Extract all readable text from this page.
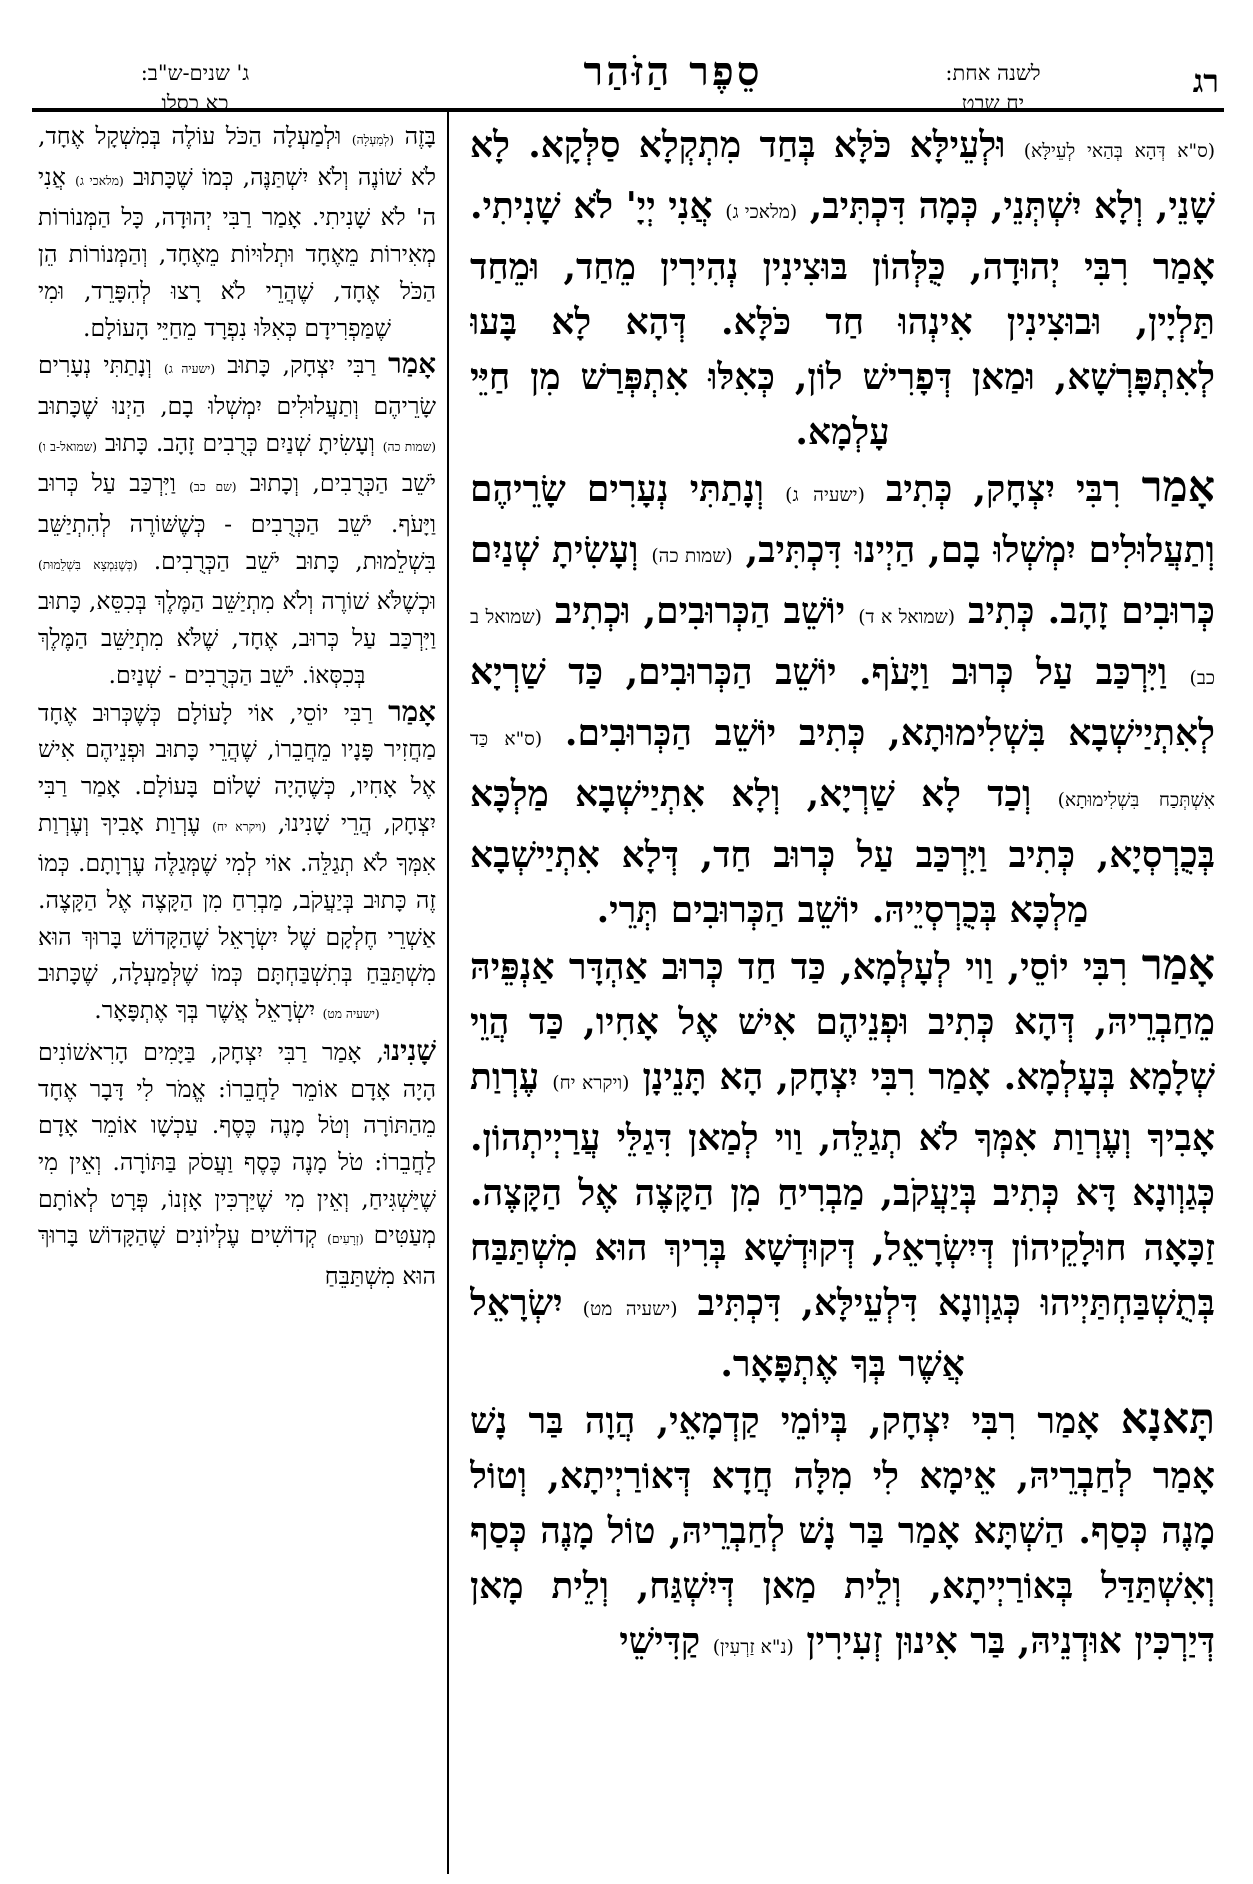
רג
לשנה אחת:
יח שבט
סֵפֶר הַזֹּהַר
ג' שנים-ש"ב:
כא כסלו

(ס"א דְּהָא בְּהַאי לְעֵילָּא) וּלְעֵילָּא כֹּלָּא בְּחַד מִתְקְלָא סַלְּקָא. לָא שָׁנֵי, וְלָא יִשְׁתְּנֵי, כְּמָה דִּכְתִּיב, (מלאכי ג) אֲנִי יְיָ' לֹא שָׁנִיתִי. אָמַר רִבִּי יְהוּדָה, כֻּלְּהוֹן בּוּצִינִין נְהִירִין מֵחַד, וּמֵחַד תַּלְיָין, וּבוּצִינִין אִינְהוּ חַד כֹּלָּא. דְּהָא לָא בָּעוּ לְאִתְפָּרְשָׁא, וּמַאן דְּפָרִישׁ לוֹן, כְּאִלּוּ אִתְפְּרַשׁ מִן חַיֵּי עָלְמָא.

אָמַר רִבִּי יִצְחָק, כְּתִיב (ישעיה ג) וְנָתַתִּי נְעָרִים שָׂרֵיהֶם וְתַעֲלוּלִים יִמְשְׁלוּ בָם, הַיְינוּ דִּכְתִּיב, (שמות כה) וְעָשִׂיתָ שְׁנַיִם כְּרוּבִים זָהָב. כְּתִיב (שמואל א ד) יוֹשֵׁב הַכְּרוּבִים, וּכְתִיב (שמואל ב כב) וַיִּרְכַּב עַל כְּרוּב וַיָּעֹף. יוֹשֵׁב הַכְּרוּבִים, כַּד שַׁרְיָא לְאִתְיַישְׁבָא בִּשְׁלִימוּתָא, כְּתִיב יוֹשֵׁב הַכְּרוּבִים. (ס"א כַּד אִשְׁתְּכַח בִּשְׁלִימוּתָא) וְכַד לָא שַׁרְיָא, וְלָא אִתְיַישְׁבָא מַלְכָּא בְּכֻרְסְיָא, כְּתִיב וַיִּרְכַּב עַל כְּרוּב חַד, דְּלָא אִתְיַישְׁבָא מַלְכָּא בְּכֻרְסְיֵיהּ. יוֹשֵׁב הַכְּרוּבִים תְּרֵי.

אָמַר רִבִּי יוֹסֵי, וַוי לְעָלְמָא, כַּד חַד כְּרוּב אַהְדָּר אַנְפֵּיהּ מֵחַבְרֵיהּ, דְּהָא כְּתִיב וּפְנֵיהֶם אִישׁ אֶל אָחִיו, כַּד הֲוֵי שְׁלָמָא בְּעָלְמָא. אָמַר רִבִּי יִצְחָק, הָא תָּנֵינָן (ויקרא יח) עֶרְוַת אָבִיךָ וְעֶרְוַת אִמְּךָ לֹא תְגַלֵּה, וַוי לְמַאן דִּגַלֵּי עֲרַיְיתְהוֹן. כְּגַוְונָא דָּא כְּתִיב בְּיַעֲקֹב, מַבְרִיחַ מִן הַקָּצֶה אֶל הַקָּצֶה. זַכָּאָה חוּלָקֵיהוֹן דְּיִשְׂרָאֵל, דְּקוּדְשָׁא בְּרִיךְ הוּא מִשְׁתַּבַּח בְּתֻשְׁבַּחְתַּיְיהוּ כְּגַוְונָא דִּלְעֵילָּא, דִּכְתִּיב (ישעיה מט) יִשְׂרָאֵל אֲשֶׁר בְּךָ אֶתְפָּאָר.

תָּאנָא אָמַר רִבִּי יִצְחָק, בְּיוֹמֵי קַדְמָאֵי, הֲוָה בַּר נָשׁ אָמַר לְחַבְרֵיהּ, אֵימָא לִי מִלָּה חֲדָא דְּאוֹרַיְיתָא, וְטוֹל מָנֶה כְּסַף. הַשְׁתָּא אָמַר בַּר נָשׁ לְחַבְרֵיהּ, טוֹל מָנֶה כְּסַף וְאִשְׁתַּדַּל בְּאוֹרַיְיתָא, וְלֵית מַאן דְּיִשְׁגַּח, וְלֵית מָאן דְּיַרְכִּין אוּדְנֵיהּ, בַּר אִינוּן זְעִירִין (נ"א זַרְעִין) קַדִּישֵׁי

בָּזֶה (לְמַעְלָה) וּלְמַעְלָה הַכֹּל עוֹלֶה בְּמִשְׁקָל אֶחָד, לֹא שׁוֹנֶה וְלֹא יִשְׁתַּנֶּה, כְּמוֹ שֶׁכָּתוּב (מלאכי ג) אֲנִי ה' לֹא שָׁנִיתִי. אָמַר רַבִּי יְהוּדָה, כָּל הַמְּנוֹרוֹת מְאִירוֹת מֵאֶחָד וּתְלוּיוֹת מֵאֶחָד, וְהַמְּנוֹרוֹת הֵן הַכֹּל אֶחָד, שֶׁהֲרֵי לֹא רָצוּ לְהִפָּרֵד, וּמִי שֶׁמַּפְרִידָם כְּאִלּוּ נִפְרָד מֵחַיֵּי הָעוֹלָם.

אָמַר רַבִּי יִצְחָק, כָּתוּב (ישעיה ג) וְנָתַתִּי נְעָרִים שָׂרֵיהֶם וְתַעֲלוּלִים יִמְשְׁלוּ בָם, הַיְנוּ שֶׁכָּתוּב (שמות כה) וְעָשִׂיתָ שְׁנַיִם כְּרֻבִים זָהָב. כָּתוּב (שמואל-ב ו) יֹשֵׁב הַכְּרֻבִים, וְכָתוּב (שם כב) וַיִּרְכַּב עַל כְּרוּב וַיָּעֹף. יֹשֵׁב הַכְּרֻבִים - כְּשֶׁשּׁוֹרֶה לְהִתְיַשֵּׁב בִּשְׁלֵמוּת, כָּתוּב יֹשֵׁב הַכְּרֻבִים. (כְּשֶׁנִּמְצָא בִּשְׁלֵמוּת) וּכְשֶׁלֹּא שׁוֹרֶה וְלֹא מִתְיַשֵּׁב הַמֶּלֶךְ בְּכִסֵּא, כָּתוּב וַיִּרְכַּב עַל כְּרוּב, אֶחָד, שֶׁלֹּא מִתְיַשֵּׁב הַמֶּלֶךְ בְּכִסְּאוֹ. יֹשֵׁב הַכְּרֻבִים - שְׁנַיִם.

אָמַר רַבִּי יוֹסֵי, אוֹי לָעוֹלָם כְּשֶׁכְּרוּב אֶחָד מַחֲזִיר פָּנָיו מֵחֲבֵרוֹ, שֶׁהֲרֵי כָּתוּב וּפְנֵיהֶם אִישׁ אֶל אָחִיו, כְּשֶׁהָיָה שָׁלוֹם בָּעוֹלָם. אָמַר רַבִּי יִצְחָק, הֲרֵי שָׁנִינוּ, (ויקרא יח) עֶרְוַת אָבִיךָ וְעֶרְוַת אִמְּךָ לֹא תְגַלֵּה. אוֹי לְמִי שֶׁמְּגַלֶּה עֶרְוָתָם. כְּמוֹ זֶה כָּתוּב בְּיַעֲקֹב, מַבְרִחַ מִן הַקָּצֶה אֶל הַקָּצֶה. אַשְׁרֵי חֶלְקָם שֶׁל יִשְׂרָאֵל שֶׁהַקָּדוֹשׁ בָּרוּךְ הוּא מִשְׁתַּבֵּחַ בְּתִשְׁבַּחְתָּם כְּמוֹ שֶׁלְּמַעְלָה, שֶׁכָּתוּב (ישעיה מט) יִשְׂרָאֵל אֲשֶׁר בְּךָ אֶתְפָּאָר.

שָׁנִינוּ, אָמַר רַבִּי יִצְחָק, בַּיָּמִים הָרִאשׁוֹנִים הָיָה אָדָם אוֹמֵר לַחֲבֵרוֹ: אֱמֹר לִי דָּבָר אֶחָד מֵהַתּוֹרָה וְטֹל מָנֶה כֶּסֶף. עַכְשָׁו אוֹמֵר אָדָם לַחֲבֵרוֹ: טֹל מָנֶה כֶּסֶף וַעֲסֹק בַּתּוֹרָה. וְאֵין מִי שֶׁיַּשְׁגִּיחַ, וְאֵין מִי שֶׁיַּרְכִּין אָזְנוֹ, פְּרָט לְאוֹתָם מְעַטִּים (זְרָעִים) קְדוֹשִׁים עֶלְיוֹנִים שֶׁהַקָּדוֹשׁ בָּרוּךְ הוּא מִשְׁתַּבֵּחַ
